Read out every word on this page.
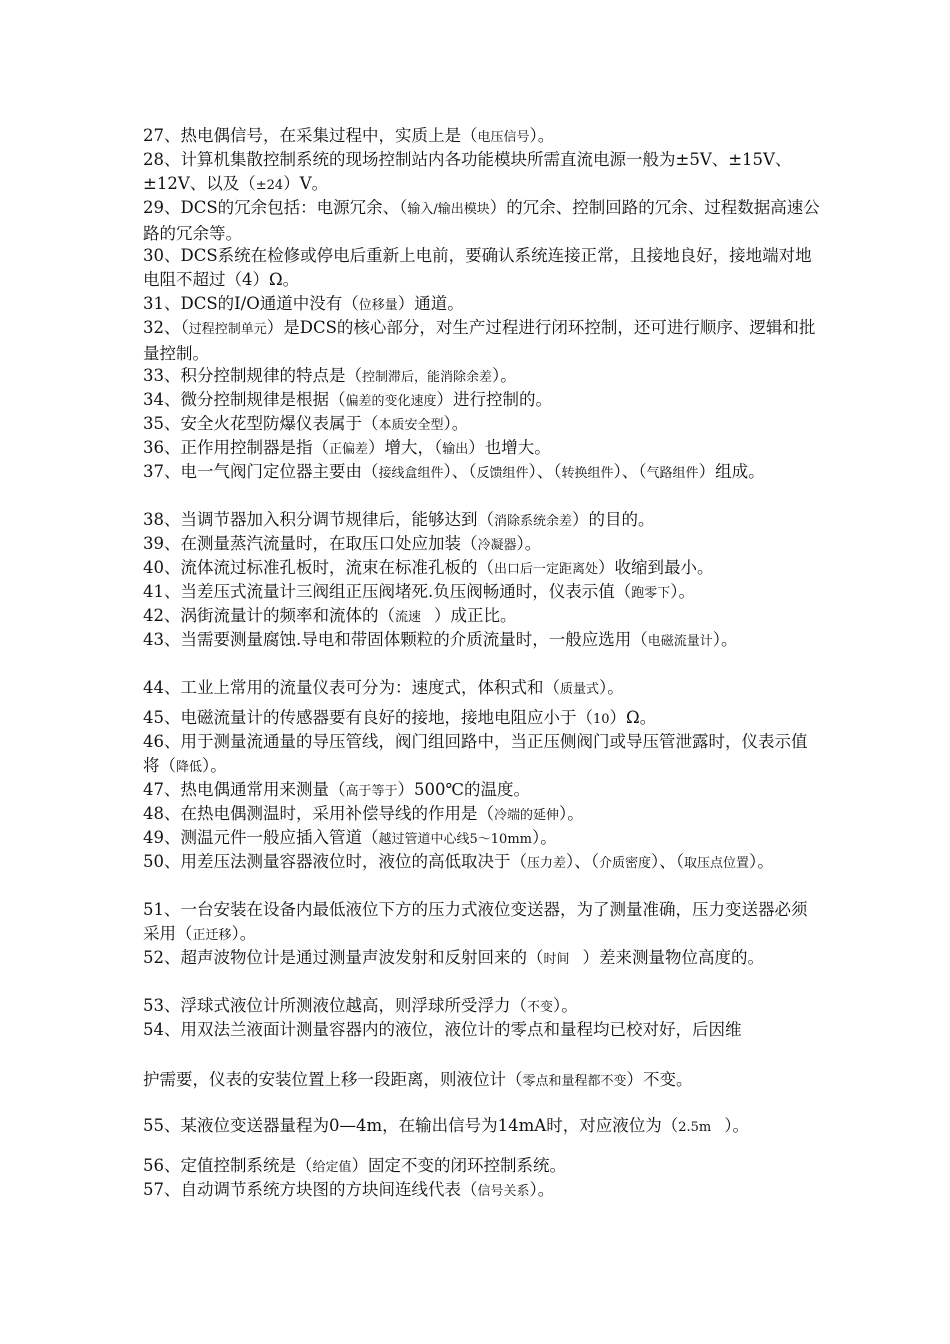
27、热电偶信号，在采集过程中，实质上是（电压信号）。
28、计算机集散控制系统的现场控制站内各功能模块所需直流电源一般为±5V、±15V、±12V、以及（±24）V。
29、DCS的冗余包括：电源冗余、（输入/输出模块）的冗余、控制回路的冗余、过程数据高速公路的冗余等。
30、DCS系统在检修或停电后重新上电前，要确认系统连接正常，且接地良好，接地端对地电阻不超过（4）Ω。
31、DCS的I/O通道中没有（位移量）通道。
32、（过程控制单元）是DCS的核心部分，对生产过程进行闭环控制，还可进行顺序、逻辑和批量控制。
33、积分控制规律的特点是（控制滞后，能消除余差）。
34、微分控制规律是根据（偏差的变化速度）进行控制的。
35、安全火花型防爆仪表属于（本质安全型）。
36、正作用控制器是指（正偏差）增大，（输出）也增大。
37、电一气阀门定位器主要由（接线盒组件）、（反馈组件）、（转换组件）、（气路组件）组成。
38、当调节器加入积分调节规律后，能够达到（消除系统余差）的目的。
39、在测量蒸汽流量时，在取压口处应加装（冷凝器）。
40、流体流过标准孔板时，流束在标准孔板的（出口后一定距离处）收缩到最小。
41、当差压式流量计三阀组正压阀堵死.负压阀畅通时，仪表示值（跑零下）。
42、涡街流量计的频率和流体的（流速　）成正比。
43、当需要测量腐蚀.导电和带固体颗粒的介质流量时，一般应选用（电磁流量计）。
44、工业上常用的流量仪表可分为：速度式，体积式和（质量式）。
45、电磁流量计的传感器要有良好的接地，接地电阻应小于（10）Ω。
46、用于测量流通量的导压管线，阀门组回路中，当正压侧阀门或导压管泄露时，仪表示值将（降低）。
47、热电偶通常用来测量（高于等于）500℃的温度。
48、在热电偶测温时，采用补偿导线的作用是（冷端的延伸）。
49、测温元件一般应插入管道（越过管道中心线5～10mm）。
50、用差压法测量容器液位时，液位的高低取决于（压力差）、（介质密度）、（取压点位置）。
51、一台安装在设备内最低液位下方的压力式液位变送器，为了测量准确，压力变送器必须采用（正迁移）。
52、超声波物位计是通过测量声波发射和反射回来的（时间　）差来测量物位高度的。
53、浮球式液位计所测液位越高，则浮球所受浮力（不变）。
54、用双法兰液面计测量容器内的液位，液位计的零点和量程均已校对好，后因维
护需要，仪表的安装位置上移一段距离，则液位计（零点和量程都不变）不变。
55、某液位变送器量程为0—4m，在输出信号为14mA时，对应液位为（2.5m　）。
56、定值控制系统是（给定值）固定不变的闭环控制系统。
57、自动调节系统方块图的方块间连线代表（信号关系）。
